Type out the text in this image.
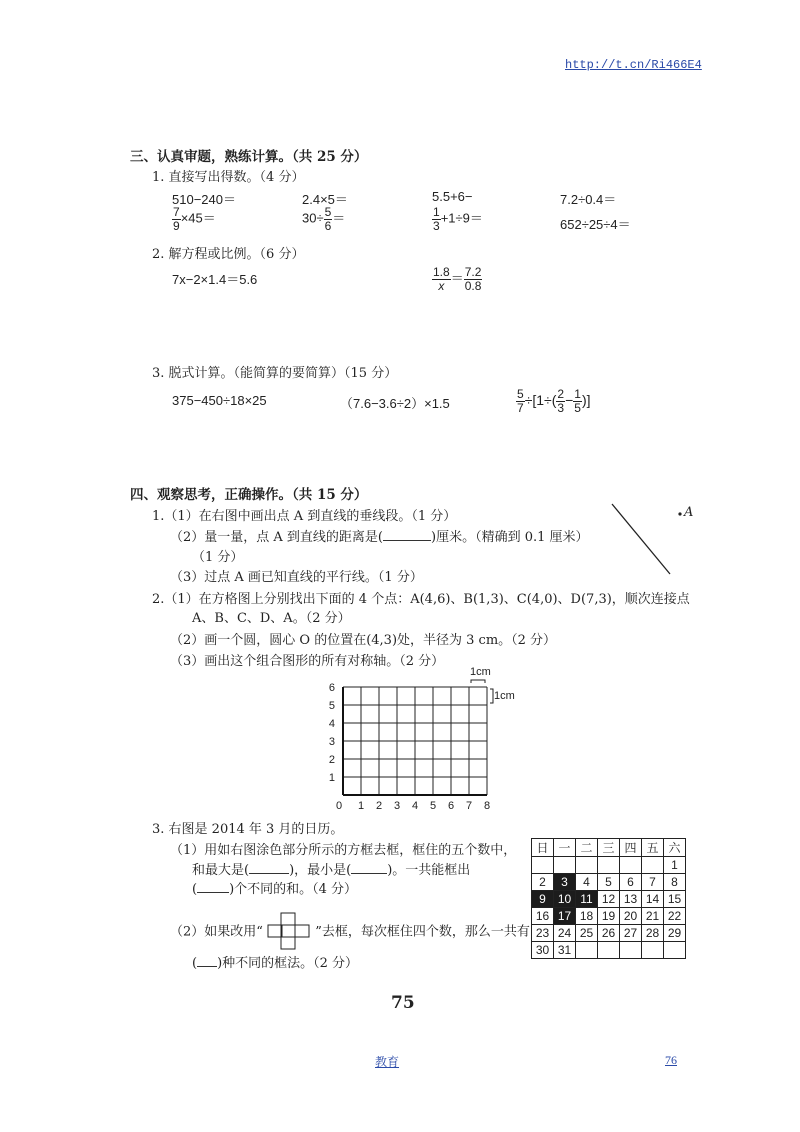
http://t.cn/Ri466E4
三、认真审题，熟练计算。（共 25 分）
1. 直接写出得数。（4 分）
510−240＝	2.4×5＝	5.5+6−	7.2÷0.4＝
$\frac{7}{9} \times 45=$	$30\div \frac{5}{6}$ ＝	$\frac{1}{3} +1\div 9=$	652÷25÷4＝
2. 解方程或比例。（6 分）
7x−2×1.4＝5.6	$\frac{1.8}{x} = \frac{7.2}{0.8}$
3. 脱式计算。（能简算的要简算）（15 分）
375−450÷18×25	（7.6−3.6÷2）×1.5	$\frac{5}{7} \div[1\div( \frac{2}{3} - \frac{1}{5}$ )]
四、观察思考，正确操作。（共 15 分）
1.（1）在右图中画出点 A 到直线的垂线段。（1 分）
（2）量一量，点 A 到直线的距离是(	)厘米。（精确到 0.1 厘米）
（1 分）
（3）过点 A 画已知直线的平行线。（1 分）
A
2.（1）在方格图上分别找出下面的 4 个点：A(4,6)、B(1,3)、C(4,0)、D(7,3)，顺次连接点
A、B、C、D、A。（2 分）
（2）画一个圆，圆心 O 的位置在(4,3)处，半径为 3 cm。（2 分）
（3）画出这个组合图形的所有对称轴。（2 分）
6
5
4
3
2
1
0 1 2 3 4 5 6 7 8
1cm
1cm
3. 右图是 2014 年 3 月的日历。
（1）用如右图涂色部分所示的方框去框，框住的五个数中，
和最大是(	)，最小是(	)。一共能框出
( )个不同的和。（4 分）
（2）如果改用“	”去框，每次框住四个数，那么一共有
( )种不同的框法。（2 分）
日	一	二	三	四	五	六
						1
2	3	4	5	6	7	8
9	10	11	12	13	14	15
16	17	18	19	20	21	22
23	24	25	26	27	28	29
30	31					
75
教育	76
